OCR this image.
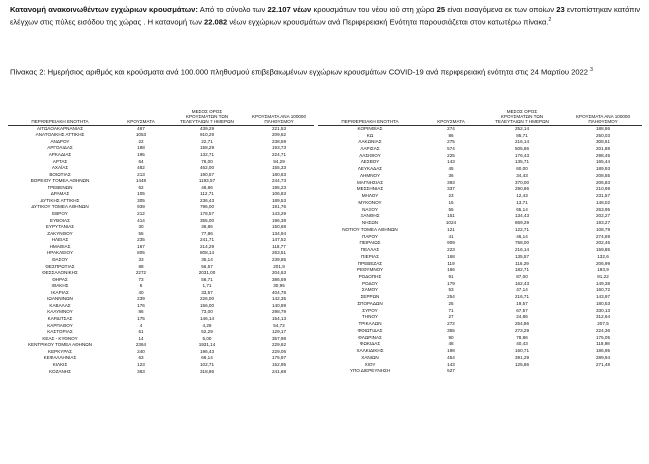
Κατανομή ανακοινωθέντων εγχώριων κρουσμάτων: Από το σύνολο των 22.107 νέων κρουσμάτων του νέου ιού στη χώρα 25 είναι εισαγόμενα εκ των οποίων 23 εντοπίστηκαν κατόπιν ελέγχων στις πύλες εισόδου της χώρας . Η κατανομή των 22.082 νέων εγχώριων κρουσμάτων ανά Περιφερειακή Ενότητα παρουσιάζεται στον κατωτέρω πίνακα.$^2$
Πίνακας 2: Ημερήσιος αριθμός και κρούσματα ανά 100.000 πληθυσμού επιβεβαιωμένων εγχώριων κρουσμάτων COVID-19 ανά περιφερειακή ενότητα στις 24 Μαρτίου 2022 $^3$
ΠΕΡΙΦΕΡΕΙΑΚΗ ΕΝΟΤΗΤΑ	ΚΡΟΥΣΜΑΤΑ	ΜΕΣΟΣ ΟΡΟΣ
ΚΡΟΥΣΜΑΤΩΝ ΤΩΝ
ΤΕΛΕΥΤΑΙΩΝ 7 ΗΜΕΡΩΝ	ΚΡΟΥΣΜΑΤΑ ΑΝΑ 100000
ΠΛΗΘΥΣΜΟΥ
ΑΙΤΩΛΟΑΚΑΡΝΑΝΙΑΣ	467	439,29	221,53
ΑΝΑΤΟΛΙΚΗΣ ΑΤΤΙΚΗΣ	1053	910,29	209,62
ΑΝΔΡΟΥ	22	22,71	238,59
ΑΡΓΟΛΙΔΑΣ	188	158,29	193,73
ΑΡΚΑΔΙΑΣ	195	132,71	224,71
ΑΡΤΑΣ	64	76,00	94,29
ΑΧΑΪΑΣ	482	462,00	155,33
ΒΟΙΩΤΙΑΣ	213	190,57	180,63
ΒΟΡΕΙΟΥ ΤΟΜΕΑ ΑΘΗΝΩΝ	1448	1193,57	244,73
ΓΡΕΒΕΝΩΝ	62	48,86	195,23
ΔΡΑΜΑΣ	105	112,71	106,83
ΔΥΤΙΚΗΣ ΑΤΤΙΚΗΣ	305	236,43	189,53
ΔΥΤΙΚΟΥ ΤΟΜΕΑ ΑΘΗΝΩΝ	939	796,00	191,76
ΕΒΡΟΥ	212	178,57	143,29
ΕΥΒΟΙΑΣ	414	355,00	196,38
ΕΥΡΥΤΑΝΙΑΣ	30	36,86	150,68
ΖΑΚΥΝΘΟΥ	55	77,86	134,94
ΗΛΕΙΑΣ	235	241,71	147,52
ΗΜΑΘΙΑΣ	167	214,29	118,77
ΗΡΑΚΛΕΙΟΥ	805	808,14	263,51
ΘΑΣΟΥ	33	35,14	239,85
ΘΕΣΠΡΩΤΙΑΣ	88	56,57	201,9
ΘΕΣΣΑΛΟΝΙΚΗΣ	2272	2031,00	204,63
ΘΗΡΑΣ	73	56,71	386,59
ΙΘΑΚΗΣ	6	1,71	30,95
ΙΚΑΡΙΑΣ	40	33,57	404,78
ΙΩΑΝΝΙΝΩΝ	239	226,00	142,35
ΚΑΒΑΛΑΣ	176	156,00	140,89
ΚΑΛΥΜΝΟΥ	86	73,00	298,79
ΚΑΡΔΙΤΣΑΣ	175	146,14	154,13
ΚΑΡΠΑΘΟΥ	4	4,29	54,72
ΚΑΣΤΟΡΙΑΣ	61	52,29	129,17
ΚΕΑΣ - ΚΥΘΝΟΥ	14	5,00	357,98
ΚΕΝΤΡΙΚΟΥ ΤΟΜΕΑ ΑΘΗΝΩΝ	2364	1931,14	229,62
ΚΕΡΚΥΡΑΣ	240	196,43	229,06
ΚΕΦΑΛΛΗΝΙΑΣ	63	66,14	175,97
ΚΙΛΚΙΣ	123	102,71	152,95
ΚΟΖΑΝΗΣ	363	318,86	241,68
ΠΕΡΙΦΕΡΕΙΑΚΗ ΕΝΟΤΗΤΑ	ΚΡΟΥΣΜΑΤΑ	ΜΕΣΟΣ ΟΡΟΣ
ΚΡΟΥΣΜΑΤΩΝ ΤΩΝ
ΤΕΛΕΥΤΑΙΩΝ 7 ΗΜΕΡΩΝ	ΚΡΟΥΣΜΑΤΑ ΑΝΑ 100000
ΠΛΗΘΥΣΜΟΥ
ΚΟΡΙΝΘΙΑΣ	274	252,14	188,86
ΚΩ	86	85,71	250,03
ΛΑΚΩΝΙΑΣ	275	216,14	308,51
ΛΑΡΙΣΑΣ	574	505,86	201,88
ΛΑΣΙΘΙΟΥ	225	176,43	298,45
ΛΕΣΒΟΥ	143	135,71	165,44
ΛΕΥΚΑΔΑΣ	45	60,00	189,93
ΛΗΜΝΟΥ	36	34,43	208,55
ΜΑΓΝΗΣΙΑΣ	393	370,00	206,83
ΜΕΣΣΗΝΙΑΣ	337	290,86	210,69
ΜΗΛΟΥ	23	12,43	231,57
ΜΥΚΟΝΟΥ	15	13,71	148,02
ΝΑΞΟΥ	55	65,14	263,95
ΞΑΝΘΗΣ	151	134,43	202,27
ΝΗΣΩΝ	1024	869,29	193,27
ΝΟΤΙΟΥ ΤΟΜΕΑ ΑΘΗΝΩΝ	121	122,71	108,79
ΠΑΡΟΥ	41	46,14	274,69
ΠΕΙΡΑΙΩΣ	909	758,00	202,45
ΠΕΛΛΑΣ	223	216,14	159,85
ΠΙΕΡΙΑΣ	168	135,57	132,6
ΠΡΕΒΕΖΑΣ	119	116,29	206,99
ΡΕΘΥΜΝΟΥ	166	182,71	193,9
ΡΟΔΟΠΗΣ	91	87,00	81,22
ΡΟΔΟΥ	179	162,43	149,38
ΣΑΜΟΥ	53	47,14	160,72
ΣΕΡΡΩΝ	254	216,71	143,97
ΣΠΟΡΑΔΩΝ	25	19,57	180,53
ΣΥΡΟΥ	71	67,57	330,13
ΤΗΝΟΥ	27	24,86	312,64
ΤΡΙΚΑΛΩΝ	272	254,86	207,5
ΦΘΙΩΤΙΔΑΣ	355	273,29	224,36
ΦΛΩΡΙΝΑΣ	90	78,86	175,05
ΦΩΚΙΔΑΣ	48	40,43	118,98
ΧΑΛΚΙΔΙΚΗΣ	198	160,71	186,95
ΧΑΝΙΩΝ	454	391,29	289,94
ΧΙΟΥ	143	125,86	271,48
ΥΠΟ ΔΙΕΡΕΥΝΗΣΗ	527		
